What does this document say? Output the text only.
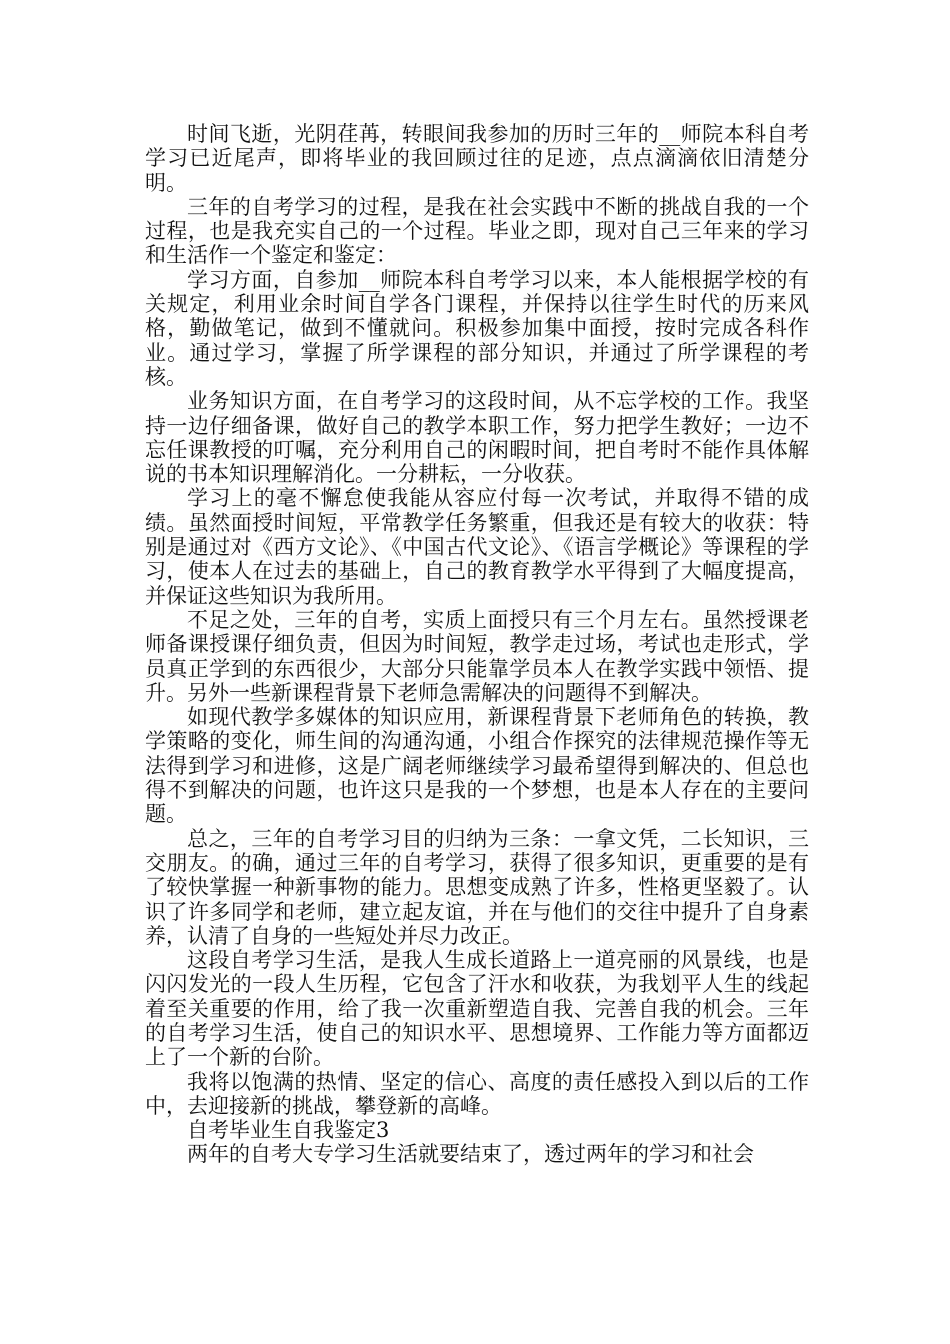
时间飞逝，光阴荏苒，转眼间我参加的历时三年的__师院本科自考学习已近尾声，即将毕业的我回顾过往的足迹，点点滴滴依旧清楚分明。

三年的自考学习的过程，是我在社会实践中不断的挑战自我的一个过程，也是我充实自己的一个过程。毕业之即，现对自己三年来的学习和生活作一个鉴定和鉴定：

学习方面，自参加__师院本科自考学习以来，本人能根据学校的有关规定，利用业余时间自学各门课程，并保持以往学生时代的历来风格，勤做笔记，做到不懂就问。积极参加集中面授，按时完成各科作业。通过学习，掌握了所学课程的部分知识，并通过了所学课程的考核。

业务知识方面，在自考学习的这段时间，从不忘学校的工作。我坚持一边仔细备课，做好自己的教学本职工作，努力把学生教好；一边不忘任课教授的叮嘱，充分利用自己的闲暇时间，把自考时不能作具体解说的书本知识理解消化。一分耕耘，一分收获。

学习上的毫不懈怠使我能从容应付每一次考试，并取得不错的成绩。虽然面授时间短，平常教学任务繁重，但我还是有较大的收获：特别是通过对《西方文论》、《中国古代文论》、《语言学概论》等课程的学习，使本人在过去的基础上，自己的教育教学水平得到了大幅度提高，并保证这些知识为我所用。

不足之处，三年的自考，实质上面授只有三个月左右。虽然授课老师备课授课仔细负责，但因为时间短，教学走过场，考试也走形式，学员真正学到的东西很少，大部分只能靠学员本人在教学实践中领悟、提升。另外一些新课程背景下老师急需解决的问题得不到解决。

如现代教学多媒体的知识应用，新课程背景下老师角色的转换，教学策略的变化，师生间的沟通沟通，小组合作探究的法律规范操作等无法得到学习和进修，这是广阔老师继续学习最希望得到解决的、但总也得不到解决的问题，也许这只是我的一个梦想，也是本人存在的主要问题。

总之，三年的自考学习目的归纳为三条：一拿文凭，二长知识，三交朋友。的确，通过三年的自考学习，获得了很多知识，更重要的是有了较快掌握一种新事物的能力。思想变成熟了许多，性格更坚毅了。认识了许多同学和老师，建立起友谊，并在与他们的交往中提升了自身素养，认清了自身的一些短处并尽力改正。

这段自考学习生活，是我人生成长道路上一道亮丽的风景线，也是闪闪发光的一段人生历程，它包含了汗水和收获，为我划平人生的线起着至关重要的作用，给了我一次重新塑造自我、完善自我的机会。三年的自考学习生活，使自己的知识水平、思想境界、工作能力等方面都迈上了一个新的台阶。

我将以饱满的热情、坚定的信心、高度的责任感投入到以后的工作中，去迎接新的挑战，攀登新的高峰。

自考毕业生自我鉴定3

两年的自考大专学习生活就要结束了，透过两年的学习和社会
